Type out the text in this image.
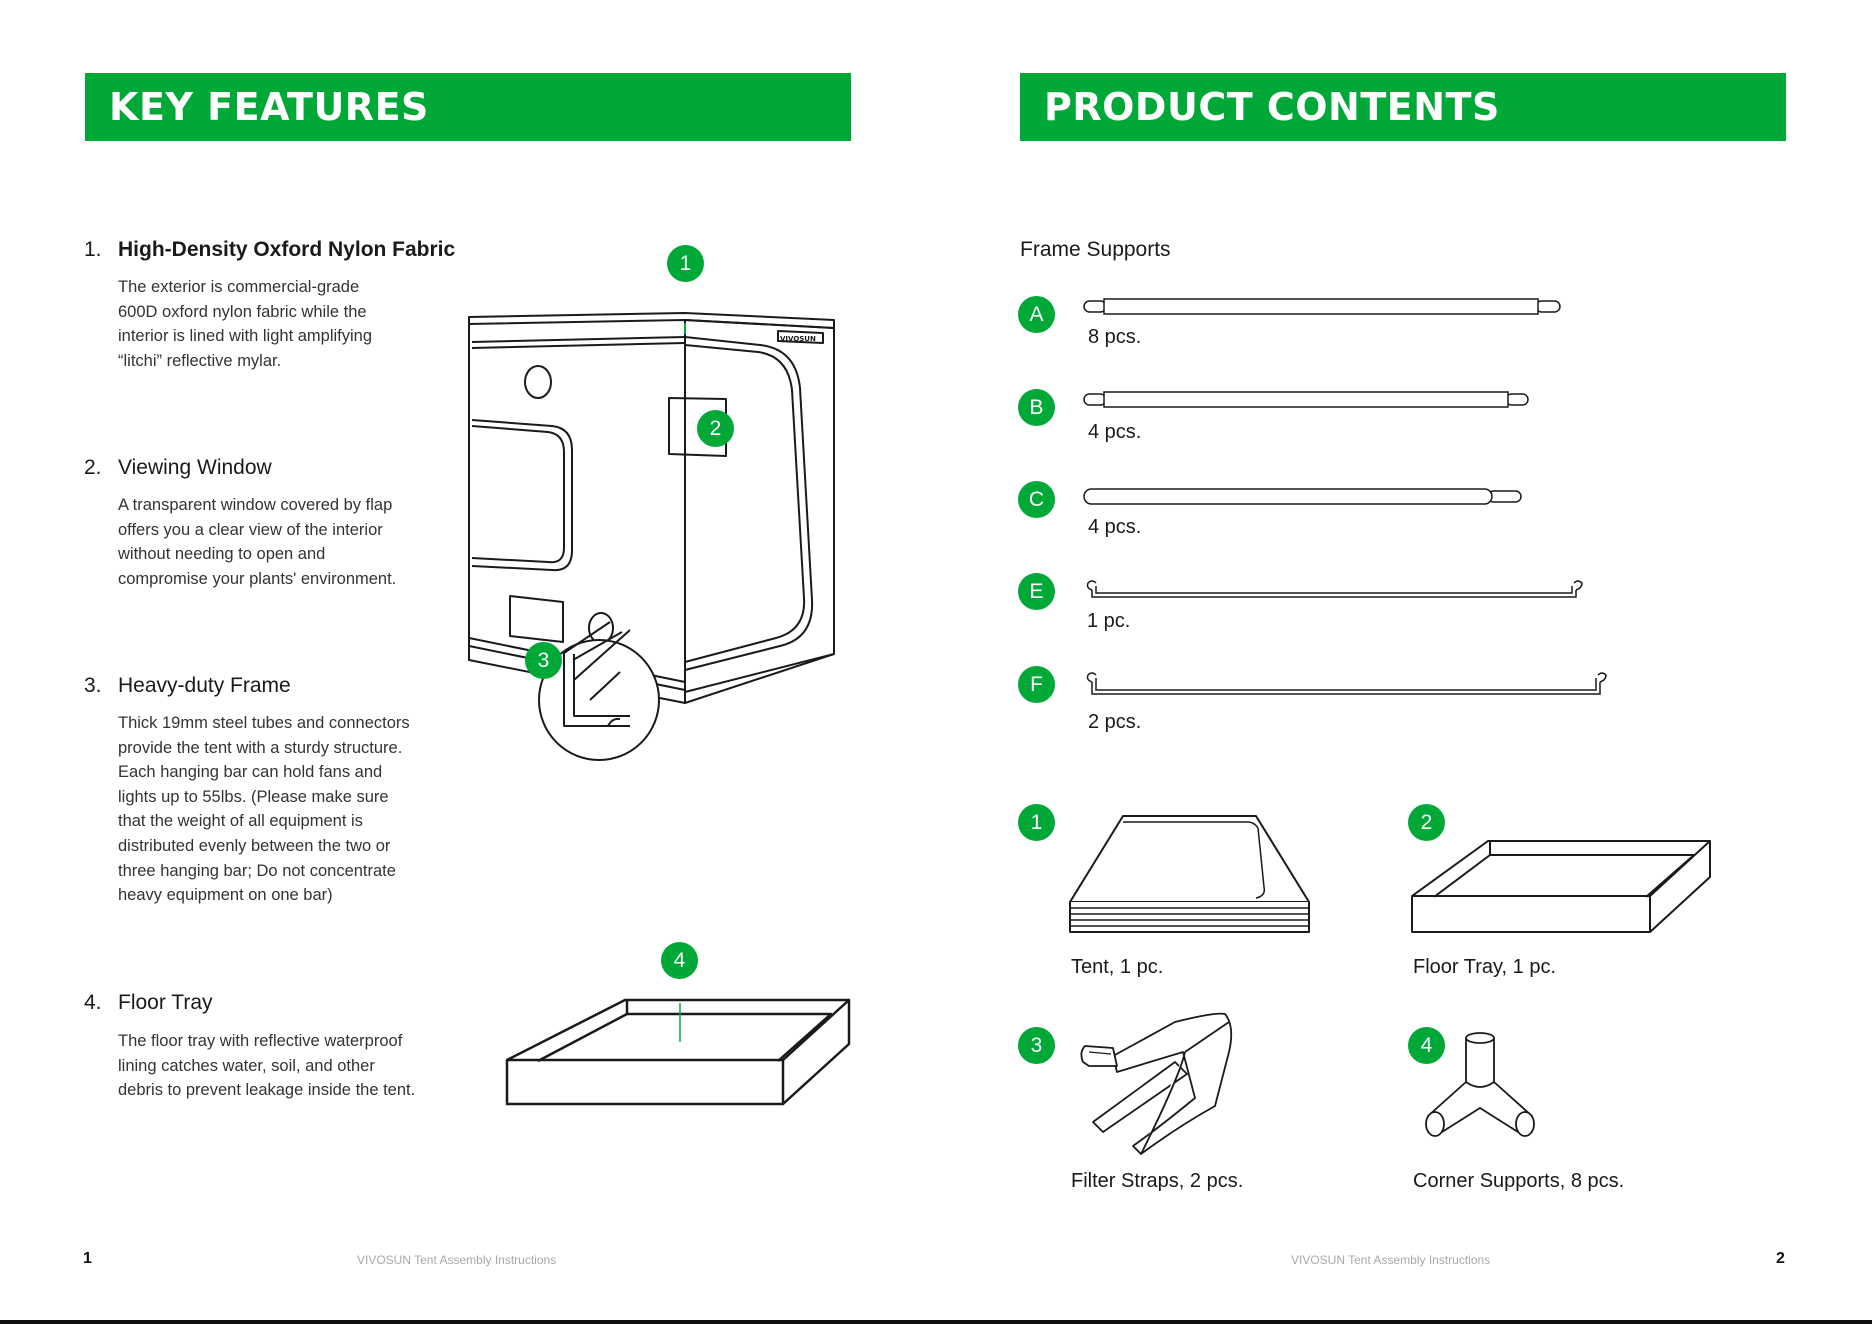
KEY FEATURES
1. High-Density Oxford Nylon Fabric
The exterior is commercial-grade
600D oxford nylon fabric while the
interior is lined with light amplifying
“litchi” reflective mylar.
2. Viewing Window
A transparent window covered by flap
offers you a clear view of the interior
without needing to open and
compromise your plants' environment.
3. Heavy-duty Frame
Thick 19mm steel tubes and connectors
provide the tent with a sturdy structure.
Each hanging bar can hold fans and
lights up to 55lbs. (Please make sure
that the weight of all equipment is
distributed evenly between the two or
three hanging bar; Do not concentrate
heavy equipment on one bar)
4. Floor Tray
The floor tray with reflective waterproof
lining catches water, soil, and other
debris to prevent leakage inside the tent.
VIVOSUN
1
2
3
4
1	VIVOSUN Tent Assembly Instructions
PRODUCT CONTENTS
Frame Supports
A
8 pcs.
B
4 pcs.
C
4 pcs.
E
1 pc.
F
2 pcs.
1
Tent, 1 pc.
2
Floor Tray, 1 pc.
3
Filter Straps, 2 pcs.
4
Corner Supports, 8 pcs.
VIVOSUN Tent Assembly Instructions	2
